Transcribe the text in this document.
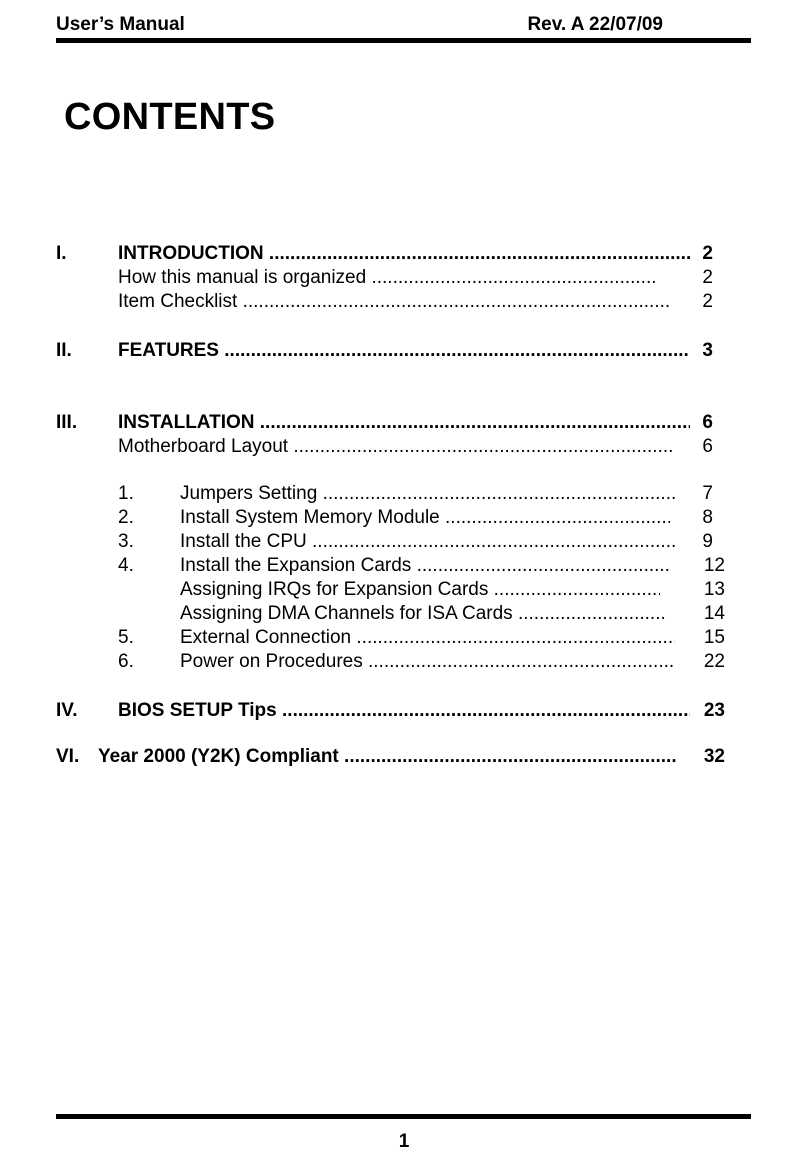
User’s Manual	Rev. A 22/07/09
CONTENTS
I.	INTRODUCTION .....	2
How this manual is organized .....	2
Item Checklist .....	2
II. FEATURES .....	3
III. INSTALLATION .....	6
Motherboard Layout .....	6
1. Jumpers Setting .....	7
2. Install System Memory Module .....	8
3. Install the CPU .....	9
4. Install the Expansion Cards .....	12
Assigning IRQs for Expansion Cards .....	13
Assigning DMA Channels for ISA Cards .....	14
5. External Connection .....	15
6. Power on Procedures .....	22
IV. BIOS SETUP Tips .....	23
VI. Year 2000 (Y2K) Compliant .....	32
1
